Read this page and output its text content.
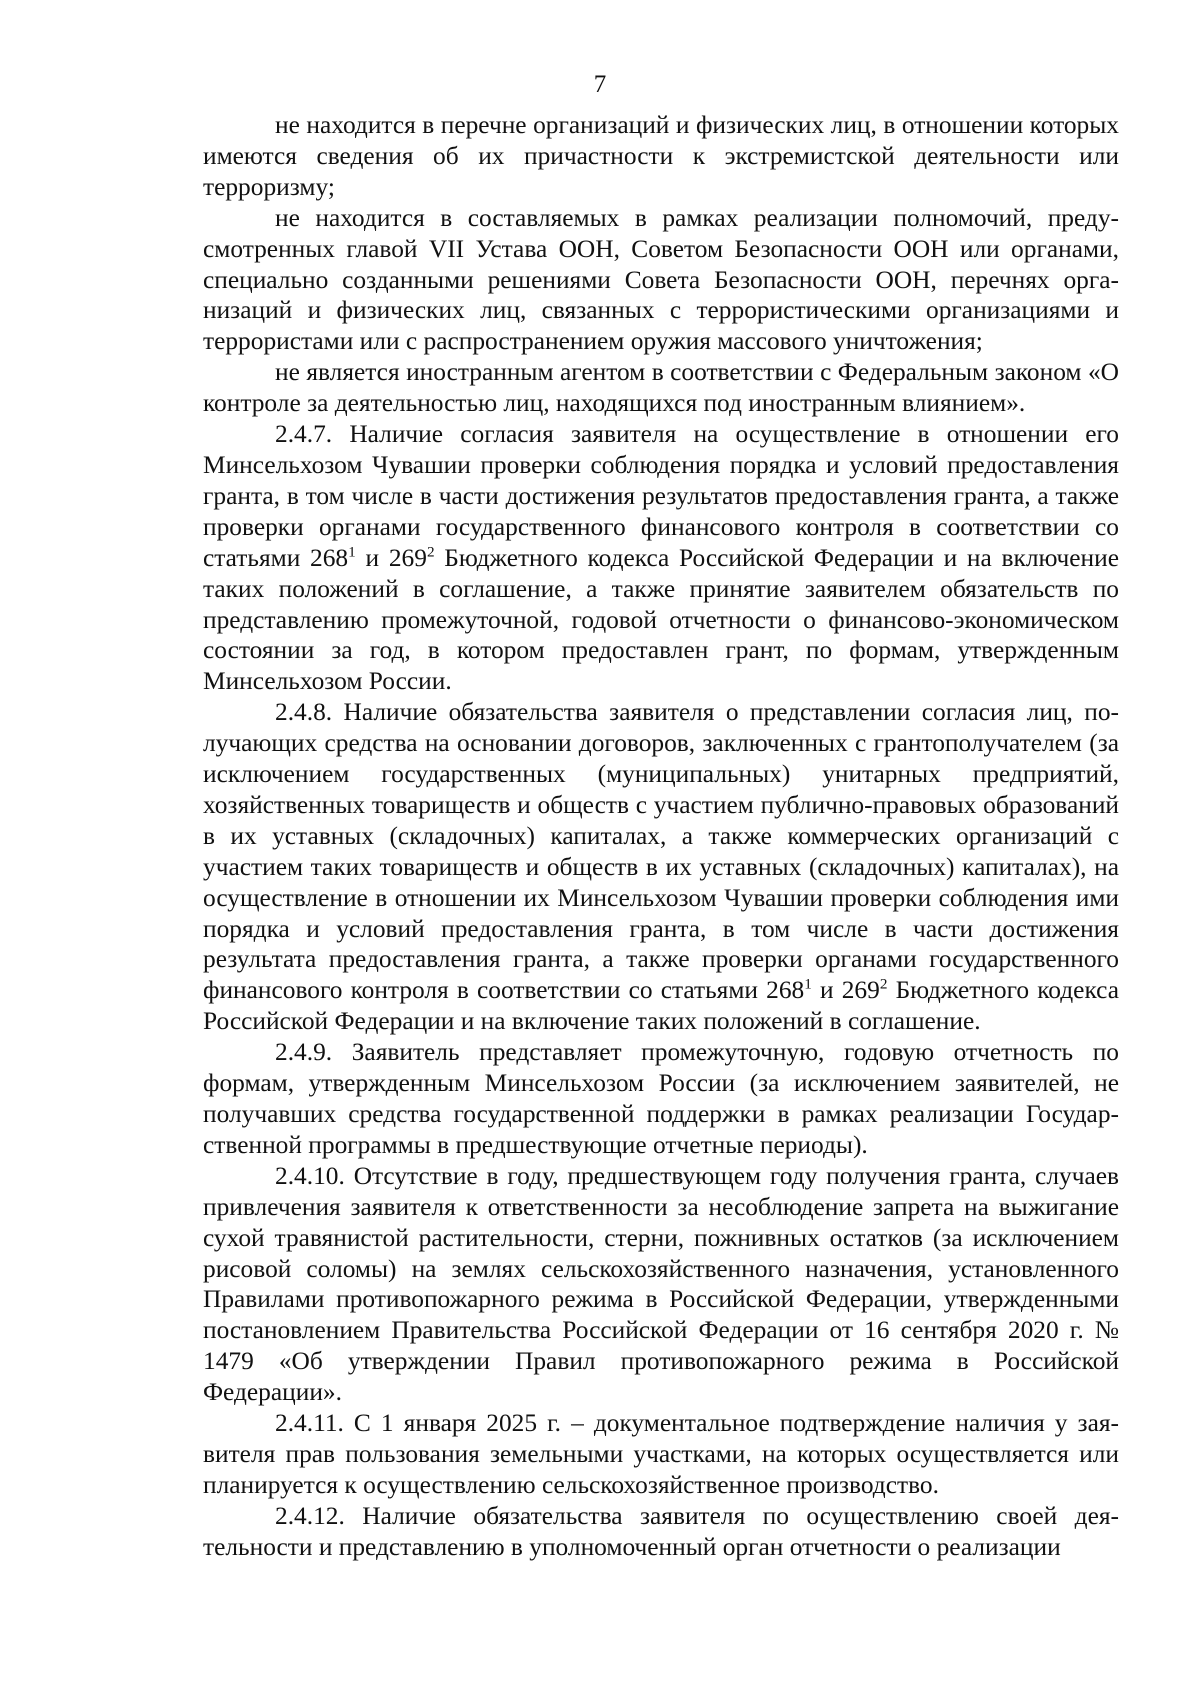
7

не находится в перечне организаций и физических лиц, в отношении которых имеются сведения об их причастности к экстремистской деятельности или терроризму;

не находится в составляемых в рамках реализации полномочий, предусмотренных главой VII Устава ООН, Советом Безопасности ООН или органами, специально созданными решениями Совета Безопасности ООН, перечнях организаций и физических лиц, связанных с террористическими организациями и террористами или с распространением оружия массового уничтожения;

не является иностранным агентом в соответствии с Федеральным законом «О контроле за деятельностью лиц, находящихся под иностранным влиянием».

2.4.7. Наличие согласия заявителя на осуществление в отношении его Минсельхозом Чувашии проверки соблюдения порядка и условий предоставления гранта, в том числе в части достижения результатов предоставления гранта, а также проверки органами государственного финансового контроля в соответствии со статьями $268^1$ и $269^2$ Бюджетного кодекса Российской Федерации и на включение таких положений в соглашение, а также принятие заявителем обязательств по представлению промежуточной, годовой отчетности о финансово-экономическом состоянии за год, в котором предоставлен грант, по формам, утвержденным Минсельхозом России.

2.4.8. Наличие обязательства заявителя о представлении согласия лиц, получающих средства на основании договоров, заключенных с грантополучателем (за исключением государственных (муниципальных) унитарных предприятий, хозяйственных товариществ и обществ с участием публично-правовых образований в их уставных (складочных) капиталах, а также коммерческих организаций с участием таких товариществ и обществ в их уставных (складочных) капиталах), на осуществление в отношении их Минсельхозом Чувашии проверки соблюдения ими порядка и условий предоставления гранта, в том числе в части достижения результата предоставления гранта, а также проверки органами государственного финансового контроля в соответствии со статьями $268^1$ и $269^2$ Бюджетного кодекса Российской Федерации и на включение таких положений в соглашение.

2.4.9. Заявитель представляет промежуточную, годовую отчетность по формам, утвержденным Минсельхозом России (за исключением заявителей, не получавших средства государственной поддержки в рамках реализации Государственной программы в предшествующие отчетные периоды).

2.4.10. Отсутствие в году, предшествующем году получения гранта, случаев привлечения заявителя к ответственности за несоблюдение запрета на выжигание сухой травянистой растительности, стерни, пожнивных остатков (за исключением рисовой соломы) на землях сельскохозяйственного назначения, установленного Правилами противопожарного режима в Российской Федерации, утвержденными постановлением Правительства Российской Федерации от 16 сентября 2020 г. № 1479 «Об утверждении Правил противопожарного режима в Российской Федерации».

2.4.11. С 1 января 2025 г. – документальное подтверждение наличия у заявителя прав пользования земельными участками, на которых осуществляется или планируется к осуществлению сельскохозяйственное производство.

2.4.12. Наличие обязательства заявителя по осуществлению своей деятельности и представлению в уполномоченный орган отчетности о реализации
